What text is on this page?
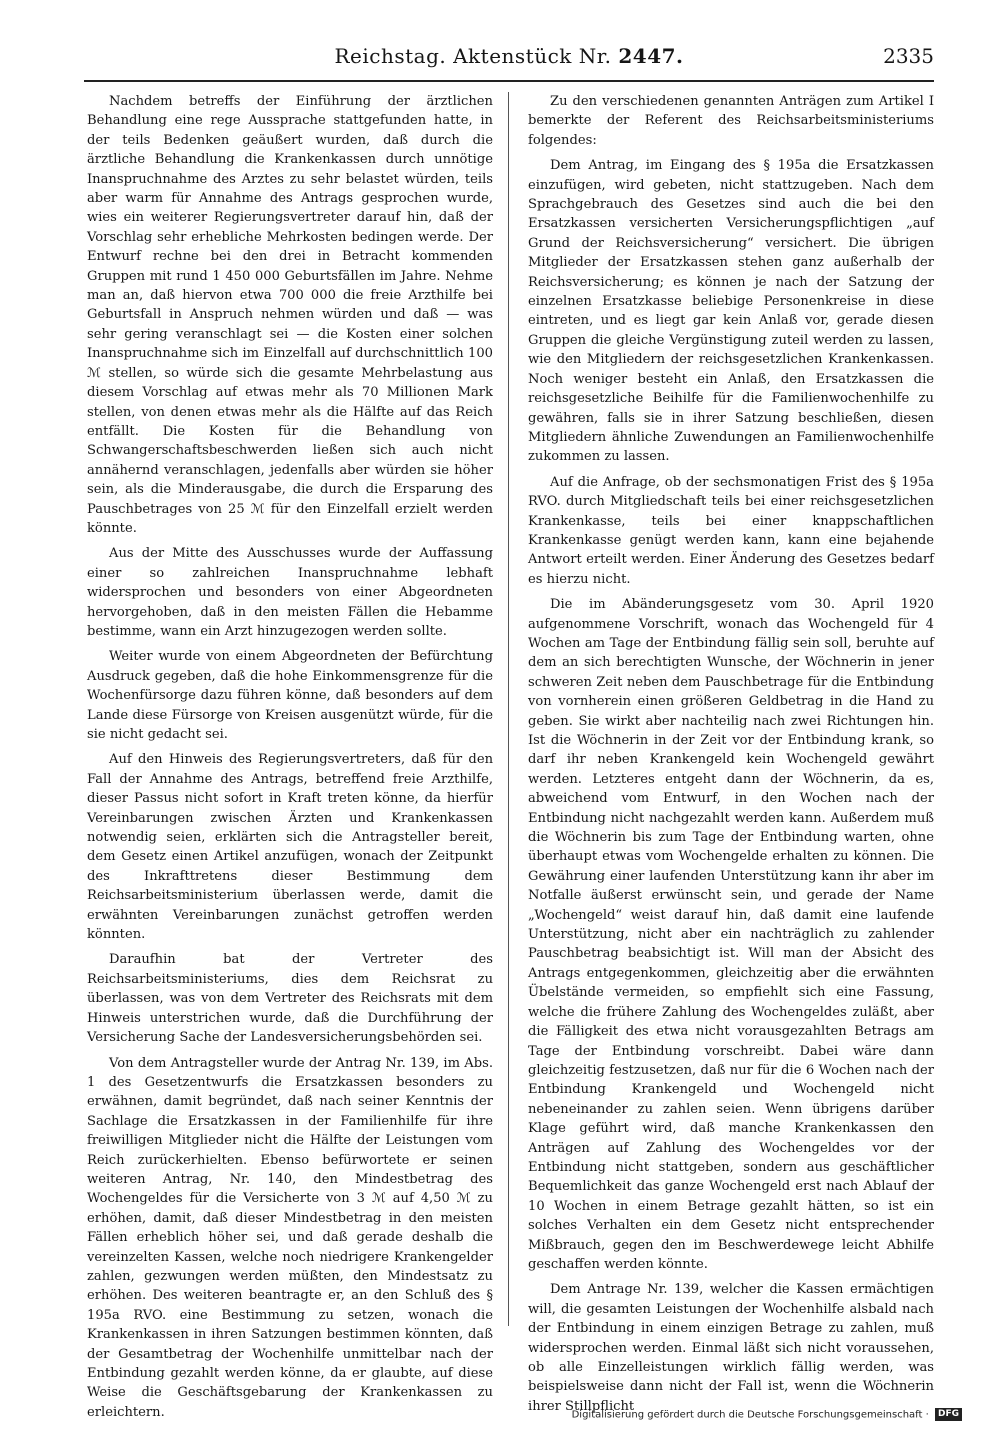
Reichstag. Aktenstück Nr. 2447.	2335

Nachdem betreffs der Einführung der ärztlichen Behandlung eine rege Aussprache stattgefunden hatte, in der teils Bedenken geäußert wurden, daß durch die ärztliche Behandlung die Krankenkassen durch unnötige Inanspruchnahme des Arztes zu sehr belastet würden, teils aber warm für Annahme des Antrags gesprochen wurde, wies ein weiterer Regierungsvertreter darauf hin, daß der Vorschlag sehr erhebliche Mehrkosten bedingen werde. Der Entwurf rechne bei den drei in Betracht kommenden Gruppen mit rund 1 450 000 Geburtsfällen im Jahre. Nehme man an, daß hiervon etwa 700 000 die freie Arzthilfe bei Geburtsfall in Anspruch nehmen würden und daß — was sehr gering veranschlagt sei — die Kosten einer solchen Inanspruchnahme sich im Einzelfall auf durchschnittlich 100 ℳ stellen, so würde sich die gesamte Mehrbelastung aus diesem Vorschlag auf etwas mehr als 70 Millionen Mark stellen, von denen etwas mehr als die Hälfte auf das Reich entfällt. Die Kosten für die Behandlung von Schwangerschaftsbeschwerden ließen sich auch nicht annähernd veranschlagen, jedenfalls aber würden sie höher sein, als die Minderausgabe, die durch die Ersparung des Pauschbetrages von 25 ℳ für den Einzelfall erzielt werden könnte.

Aus der Mitte des Ausschusses wurde der Auffassung einer so zahlreichen Inanspruchnahme lebhaft widersprochen und besonders von einer Abgeordneten hervorgehoben, daß in den meisten Fällen die Hebamme bestimme, wann ein Arzt hinzugezogen werden sollte.

Weiter wurde von einem Abgeordneten der Befürchtung Ausdruck gegeben, daß die hohe Einkommensgrenze für die Wochenfürsorge dazu führen könne, daß besonders auf dem Lande diese Fürsorge von Kreisen ausgenützt würde, für die sie nicht gedacht sei.

Auf den Hinweis des Regierungsvertreters, daß für den Fall der Annahme des Antrags, betreffend freie Arzthilfe, dieser Passus nicht sofort in Kraft treten könne, da hierfür Vereinbarungen zwischen Ärzten und Krankenkassen notwendig seien, erklärten sich die Antragsteller bereit, dem Gesetz einen Artikel anzufügen, wonach der Zeitpunkt des Inkrafttretens dieser Bestimmung dem Reichsarbeitsministerium überlassen werde, damit die erwähnten Vereinbarungen zunächst getroffen werden könnten.

Daraufhin bat der Vertreter des Reichsarbeitsministeriums, dies dem Reichsrat zu überlassen, was von dem Vertreter des Reichsrats mit dem Hinweis unterstrichen wurde, daß die Durchführung der Versicherung Sache der Landesversicherungsbehörden sei.

Von dem Antragsteller wurde der Antrag Nr. 139, im Abs. 1 des Gesetzentwurfs die Ersatzkassen besonders zu erwähnen, damit begründet, daß nach seiner Kenntnis der Sachlage die Ersatzkassen in der Familienhilfe für ihre freiwilligen Mitglieder nicht die Hälfte der Leistungen vom Reich zurückerhielten. Ebenso befürwortete er seinen weiteren Antrag, Nr. 140, den Mindestbetrag des Wochengeldes für die Versicherte von 3 ℳ auf 4,50 ℳ zu erhöhen, damit, daß dieser Mindestbetrag in den meisten Fällen erheblich höher sei, und daß gerade deshalb die vereinzelten Kassen, welche noch niedrigere Krankengelder zahlen, gezwungen werden müßten, den Mindestsatz zu erhöhen. Des weiteren beantragte er, an den Schluß des § 195a RVO. eine Bestimmung zu setzen, wonach die Krankenkassen in ihren Satzungen bestimmen könnten, daß der Gesamtbetrag der Wochenhilfe unmittelbar nach der Entbindung gezahlt werden könne, da er glaubte, auf diese Weise die Geschäftsgebarung der Krankenkassen zu erleichtern.

Zu den verschiedenen genannten Anträgen zum Artikel I bemerkte der Referent des Reichsarbeitsministeriums folgendes:

Dem Antrag, im Eingang des § 195a die Ersatzkassen einzufügen, wird gebeten, nicht stattzugeben. Nach dem Sprachgebrauch des Gesetzes sind auch die bei den Ersatzkassen versicherten Versicherungspflichtigen „auf Grund der Reichsversicherung“ versichert. Die übrigen Mitglieder der Ersatzkassen stehen ganz außerhalb der Reichsversicherung; es können je nach der Satzung der einzelnen Ersatzkasse beliebige Personenkreise in diese eintreten, und es liegt gar kein Anlaß vor, gerade diesen Gruppen die gleiche Vergünstigung zuteil werden zu lassen, wie den Mitgliedern der reichsgesetzlichen Krankenkassen. Noch weniger besteht ein Anlaß, den Ersatzkassen die reichsgesetzliche Beihilfe für die Familienwochenhilfe zu gewähren, falls sie in ihrer Satzung beschließen, diesen Mitgliedern ähnliche Zuwendungen an Familienwochenhilfe zukommen zu lassen.

Auf die Anfrage, ob der sechsmonatigen Frist des § 195a RVO. durch Mitgliedschaft teils bei einer reichsgesetzlichen Krankenkasse, teils bei einer knappschaftlichen Krankenkasse genügt werden kann, kann eine bejahende Antwort erteilt werden. Einer Änderung des Gesetzes bedarf es hierzu nicht.

Die im Abänderungsgesetz vom 30. April 1920 aufgenommene Vorschrift, wonach das Wochengeld für 4 Wochen am Tage der Entbindung fällig sein soll, beruhte auf dem an sich berechtigten Wunsche, der Wöchnerin in jener schweren Zeit neben dem Pauschbetrage für die Entbindung von vornherein einen größeren Geldbetrag in die Hand zu geben. Sie wirkt aber nachteilig nach zwei Richtungen hin. Ist die Wöchnerin in der Zeit vor der Entbindung krank, so darf ihr neben Krankengeld kein Wochengeld gewährt werden. Letzteres entgeht dann der Wöchnerin, da es, abweichend vom Entwurf, in den Wochen nach der Entbindung nicht nachgezahlt werden kann. Außerdem muß die Wöchnerin bis zum Tage der Entbindung warten, ohne überhaupt etwas vom Wochengelde erhalten zu können. Die Gewährung einer laufenden Unterstützung kann ihr aber im Notfalle äußerst erwünscht sein, und gerade der Name „Wochengeld“ weist darauf hin, daß damit eine laufende Unterstützung, nicht aber ein nachträglich zu zahlender Pauschbetrag beabsichtigt ist. Will man der Absicht des Antrags entgegenkommen, gleichzeitig aber die erwähnten Übelstände vermeiden, so empfiehlt sich eine Fassung, welche die frühere Zahlung des Wochengeldes zuläßt, aber die Fälligkeit des etwa nicht vorausgezahlten Betrags am Tage der Entbindung vorschreibt. Dabei wäre dann gleichzeitig festzusetzen, daß nur für die 6 Wochen nach der Entbindung Krankengeld und Wochengeld nicht nebeneinander zu zahlen seien. Wenn übrigens darüber Klage geführt wird, daß manche Krankenkassen den Anträgen auf Zahlung des Wochengeldes vor der Entbindung nicht stattgeben, sondern aus geschäftlicher Bequemlichkeit das ganze Wochengeld erst nach Ablauf der 10 Wochen in einem Betrage gezahlt hätten, so ist ein solches Verhalten ein dem Gesetz nicht entsprechender Mißbrauch, gegen den im Beschwerdewege leicht Abhilfe geschaffen werden könnte.

Dem Antrage Nr. 139, welcher die Kassen ermächtigen will, die gesamten Leistungen der Wochenhilfe alsbald nach der Entbindung in einem einzigen Betrage zu zahlen, muß widersprochen werden. Einmal läßt sich nicht voraussehen, ob alle Einzelleistungen wirklich fällig werden, was beispielsweise dann nicht der Fall ist, wenn die Wöchnerin ihrer Stillpflicht

Digitalisierung gefördert durch die Deutsche Forschungsgemeinschaft · DFG
